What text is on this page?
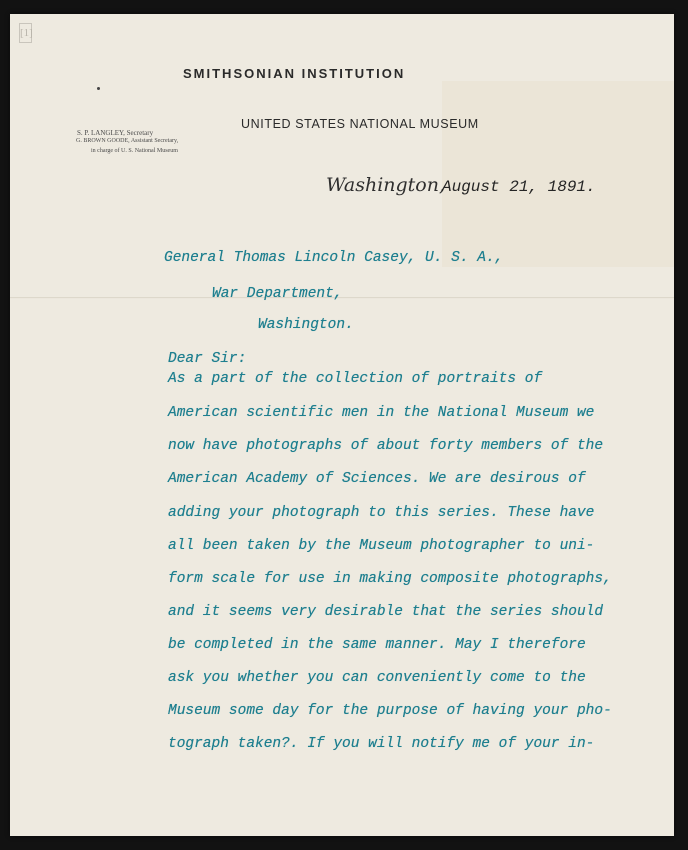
[1]
SMITHSONIAN INSTITUTION
UNITED STATES NATIONAL MUSEUM
S. P. LANGLEY, Secretary
G. BROWN GOODE, Assistant Secretary,
in charge of U. S. National Museum
Washington,
August 21, 1891.
General Thomas Lincoln Casey, U. S. A.,
War Department,
Washington.
Dear Sir:
As a part of the collection of portraits of
American scientific men in the National Museum we
now have photographs of about forty members of the
American Academy of Sciences. We are desirous of
adding your photograph to this series. These have
all been taken by the Museum photographer to uni-
form scale for use in making composite photographs,
and it seems very desirable that the series should
be completed in the same manner. May I therefore
ask you whether you can conveniently come to the
Museum some day for the purpose of having your pho-
tograph taken?. If you will notify me of your in-
